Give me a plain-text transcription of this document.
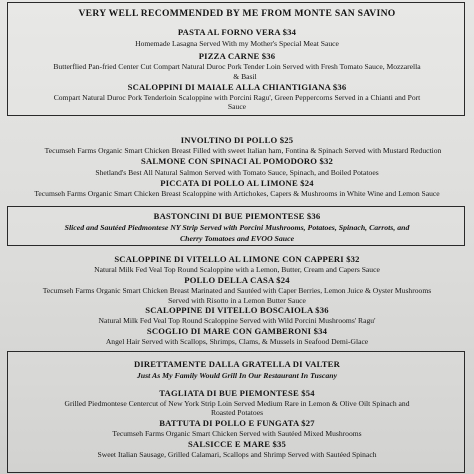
VERY WELL RECOMMENDED BY ME FROM MONTE SAN SAVINO
PASTA AL FORNO VERA $34
Homemade Lasagna Served With my Mother's Special Meat Sauce
PIZZA CARNE $36
Butterflied Pan-fried Center Cut Compart Natural Duroc Pork Tender Loin Served with Fresh Tomato Sauce, Mozzarella
& Basil
SCALOPPINI DI MAIALE ALLA CHIANTIGIANA $36
Compart Natural Duroc Pork Tenderloin Scaloppine with Porcini Ragu', Green Peppercorns Served in a Chianti and Port
Sauce
INVOLTINO DI POLLO $25
Tecumseh Farms Organic Smart Chicken Breast Filled with sweet Italian ham, Fontina & Spinach Served with Mustard Reduction
SALMONE CON SPINACI AL POMODORO $32
Shetland's Best All Natural Salmon Served with Tomato Sauce, Spinach, and Boiled Potatoes
PICCATA DI POLLO AL LIMONE $24
Tecumseh Farms Organic Smart Chicken Breast Scaloppine with Artichokes, Capers & Mushrooms in White Wine and Lemon Sauce
BASTONCINI DI BUE PIEMONTESE $36
Sliced and Sautéed Piedmontese NY Strip Served with Porcini Mushrooms, Potatoes, Spinach, Carrots, and
Cherry Tomatoes and EVOO Sauce
SCALOPPINE DI VITELLO AL LIMONE CON CAPPERI $32
Natural Milk Fed Veal Top Round Scaloppine with a Lemon, Butter, Cream and Capers Sauce
POLLO DELLA CASA $24
Tecumseh Farms Organic Smart Chicken Breast Marinated and Sautéed with Caper Berries, Lemon Juice & Oyster Mushrooms
Served with Risotto in a Lemon Butter Sauce
SCALOPPINE DI VITELLO BOSCAIOLA $36
Natural Milk Fed Veal Top Round Scaloppine Served with Wild Porcini Mushrooms' Ragu'
SCOGLIO DI MARE CON GAMBERONI $34
Angel Hair Served with Scallops, Shrimps, Clams, & Mussels in Seafood Demi-Glace
DIRETTAMENTE DALLA GRATELLA DI VALTER
Just As My Family Would Grill In Our Restaurant In Tuscany
TAGLIATA DI BUE PIEMONTESE $54
Grilled Piedmontese Centercut of New York Strip Loin Served Medium Rare in Lemon & Olive Oilt Spinach and
Roasted Potatoes
BATTUTA DI POLLO E FUNGATA $27
Tecumseh Farms Organic Smart Chicken Served with Sautéed Mixed Mushrooms
SALSICCE E MARE $35
Sweet Italian Sausage, Grilled Calamari, Scallops and Shrimp Served with Sautéed Spinach
